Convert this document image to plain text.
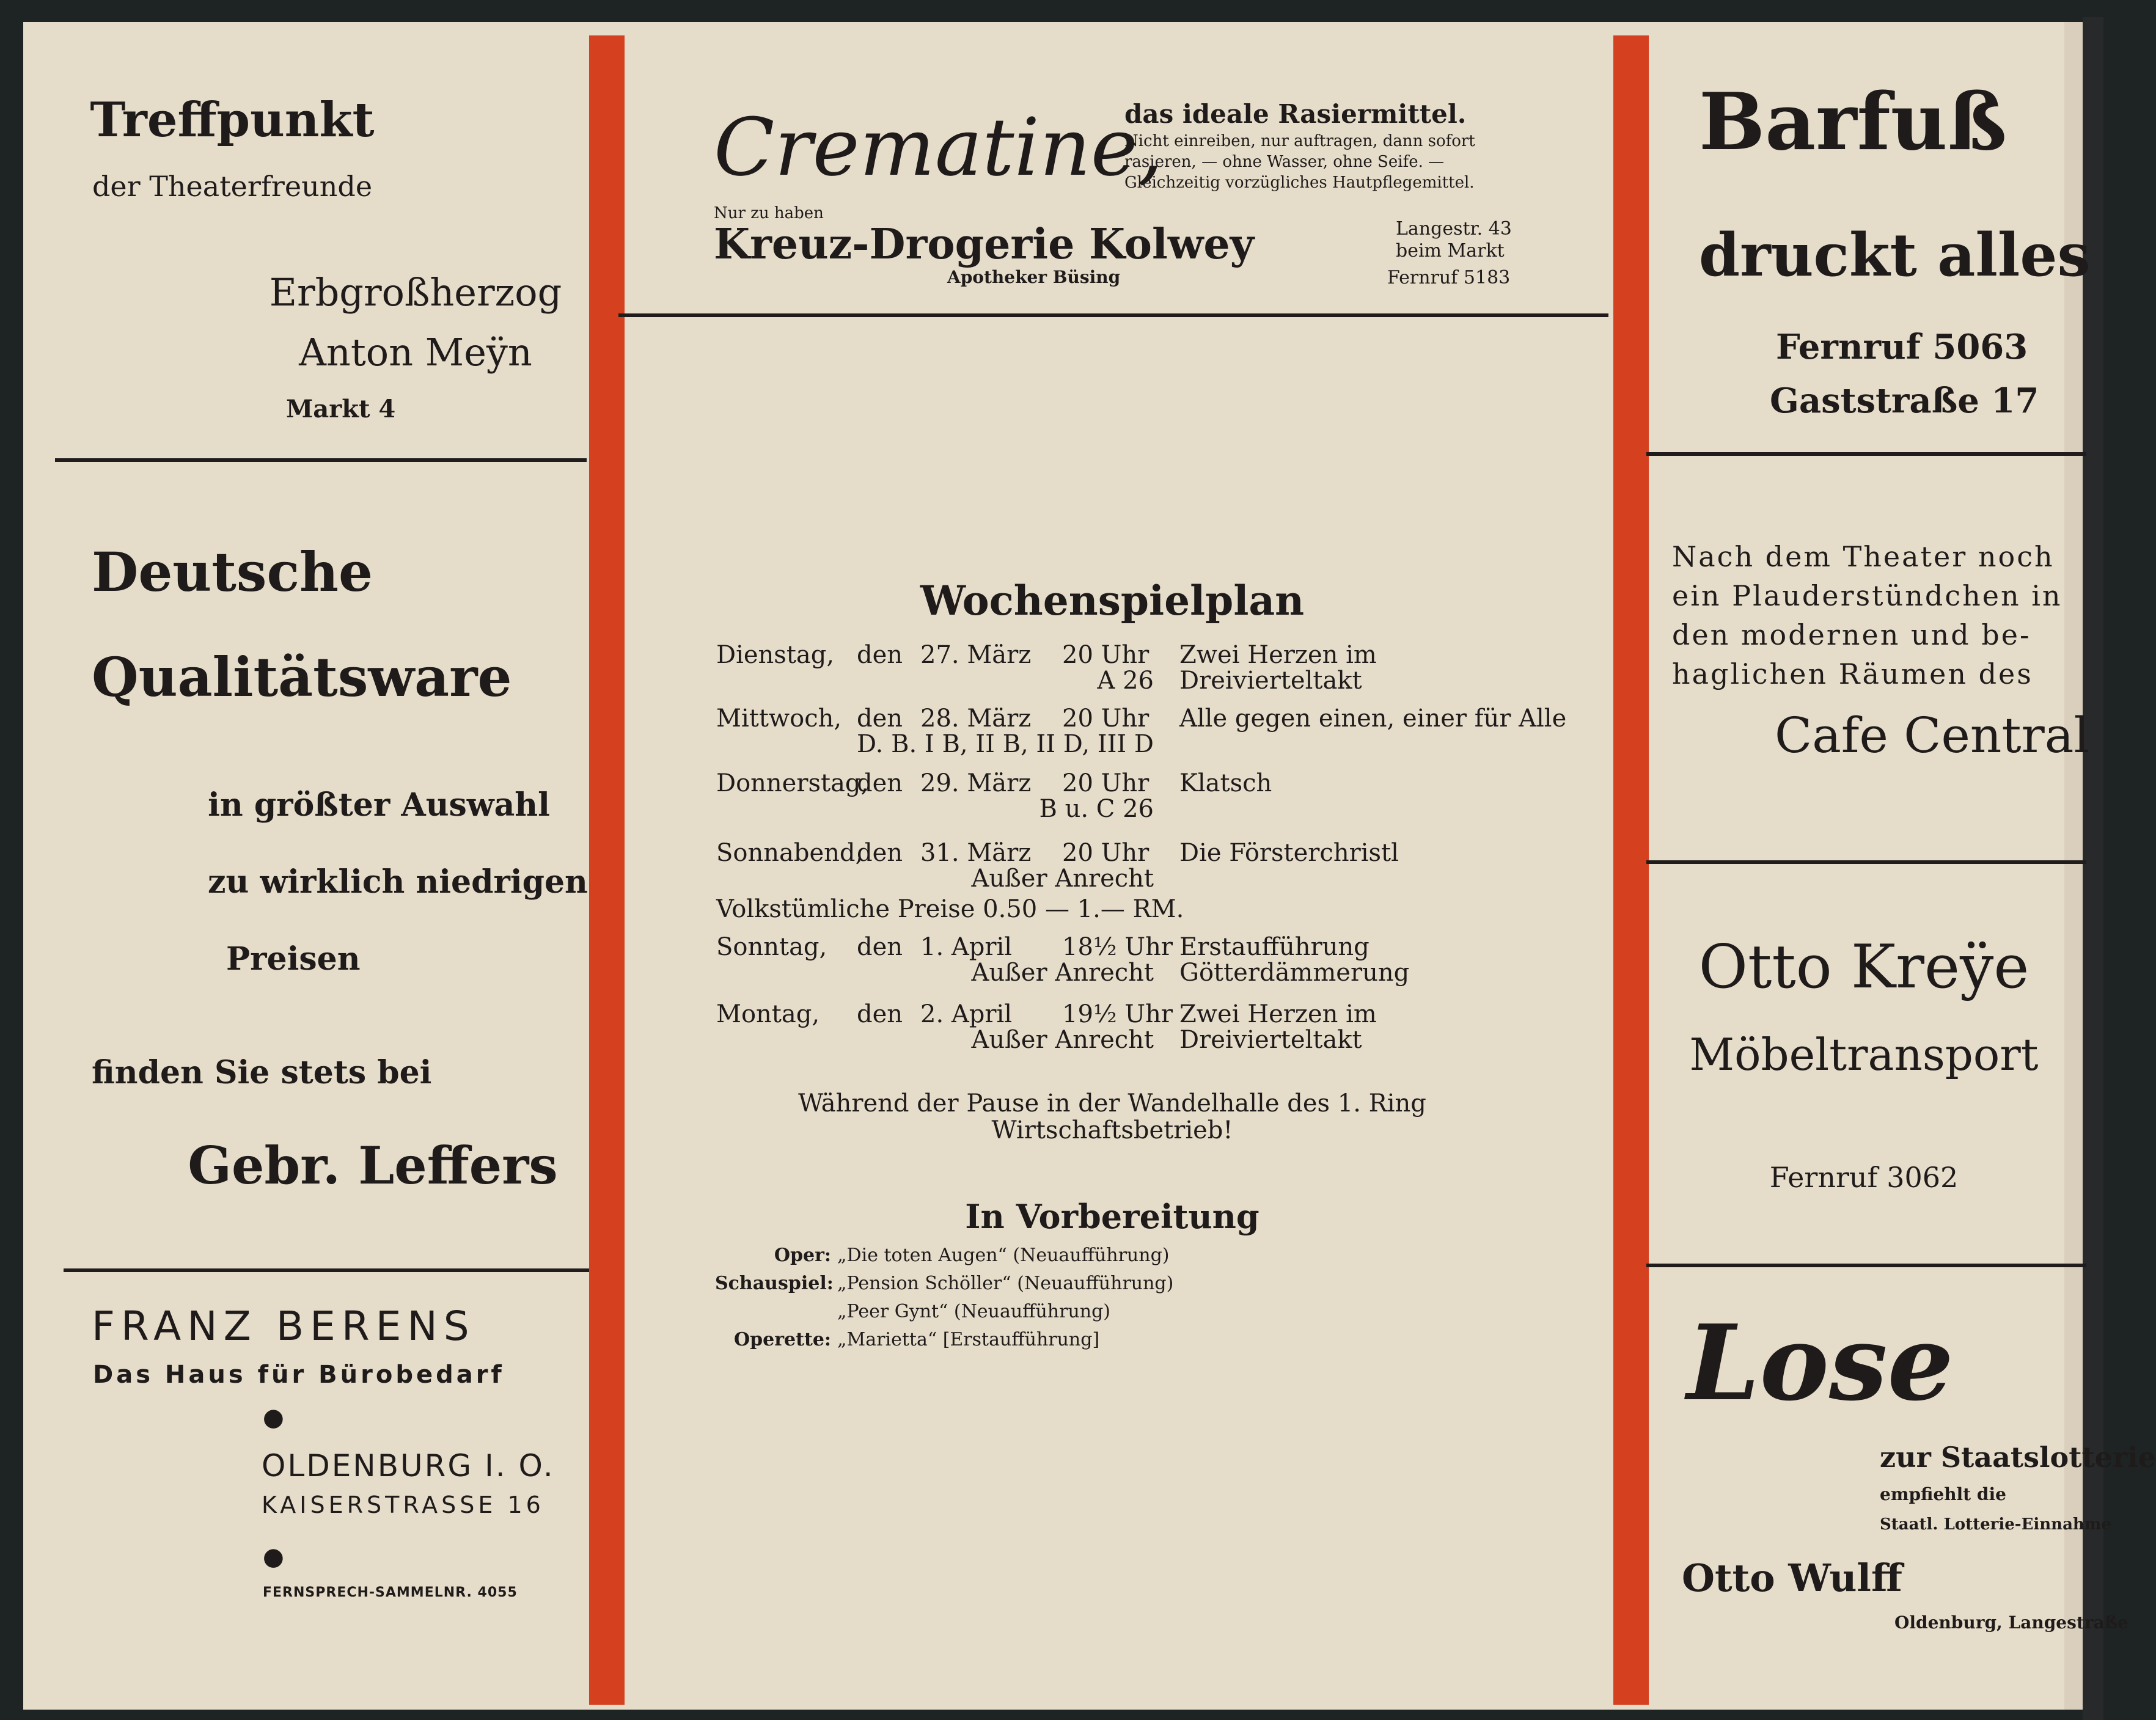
Treffpunkt
der Theaterfreunde
Erbgroßherzog
Anton Meÿn
Markt 4
Deutsche
Qualitätsware
in größter Auswahl
zu wirklich niedrigen
Preisen
finden Sie stets bei
Gebr. Leffers
FRANZ BERENS
Das Haus für Bürobedarf
●
OLDENBURG I. O.
KAISERSTRASSE 16
●
FERNSPRECH-SAMMELNR. 4055
Crematine,
das ideale Rasiermittel.
Nicht einreiben, nur auftragen, dann sofort
rasieren, — ohne Wasser, ohne Seife. —
Gleichzeitig vorzügliches Hautpflegemittel.
Nur zu haben
Kreuz-Drogerie Kolwey
Apotheker Büsing
Langestr. 43
beim Markt
Fernruf 5183
Wochenspielplan
Dienstag, den 27. März 20 Uhr
A 26
Zwei Herzen im
Dreivierteltakt
Mittwoch, den 28. März 20 Uhr
D. B. I B, II B, II D, III D
Alle gegen einen, einer für Alle
Donnerstag,
den 29. März 20 Uhr
B u. C 26
Klatsch
Sonnabend,
den 31. März 20 Uhr
Außer Anrecht
Die Försterchristl
Volkstümliche Preise 0.50 — 1.— RM.
Sonntag, den 1. April 18½ Uhr
Außer Anrecht
Erstaufführung
Götterdämmerung
Montag, den 2. April 19½ Uhr
Außer Anrecht
Zwei Herzen im
Dreivierteltakt
Während der Pause in der Wandelhalle des 1. Ring
Wirtschaftsbetrieb!
In Vorbereitung
Oper: „Die toten Augen“ (Neuaufführung)
Schauspiel: „Pension Schöller“ (Neuaufführung)
„Peer Gynt“ (Neuaufführung)
Operette: „Marietta“ [Erstaufführung]
Barfuß
druckt alles
Fernruf 5063
Gaststraße 17
Nach dem Theater noch
ein Plauderstündchen in
den modernen und be-
haglichen Räumen des
Cafe Central
Otto Kreÿe
Möbeltransport
Fernruf 3062
Lose
zur Staatslotterie
empfiehlt die
Staatl. Lotterie-Einnahme
Otto Wulff
Oldenburg, Langestraße
